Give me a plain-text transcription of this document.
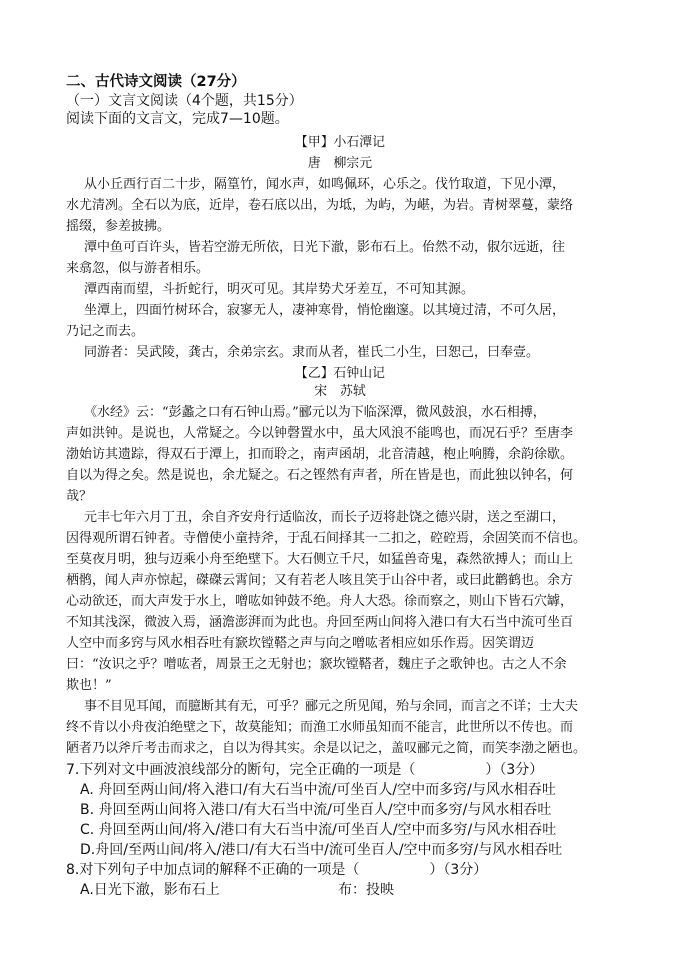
二、古代诗文阅读（27分）
（一）文言文阅读（4个题，共15分）
阅读下面的文言文，完成7—10题。
【甲】小石潭记
唐　柳宗元
从小丘西行百二十步，隔篁竹，闻水声，如鸣佩环，心乐之。伐竹取道，下见小潭，
水尤清冽。全石以为底，近岸，卷石底以出，为坻，为屿，为嵁，为岩。青树翠蔓，蒙络
摇缀，参差披拂。
潭中鱼可百许头，皆若空游无所依，日光下澈，影布石上。佁然不动，俶尔远逝，往
来翕忽，似与游者相乐。
潭西南而望，斗折蛇行，明灭可见。其岸势犬牙差互，不可知其源。
坐潭上，四面竹树环合，寂寥无人，凄神寒骨，悄怆幽邃。以其境过清，不可久居，
乃记之而去。
同游者：吴武陵，龚古，余弟宗玄。隶而从者，崔氏二小生，曰恕己，曰奉壹。
【乙】石钟山记
宋　苏轼
《水经》云：“彭蠡之口有石钟山焉。”郦元以为下临深潭，微风鼓浪，水石相搏，
声如洪钟。是说也，人常疑之。今以钟磬置水中，虽大风浪不能鸣也，而况石乎？至唐李
渤始访其遗踪，得双石于潭上，扣而聆之，南声函胡，北音清越，枹止响腾，余韵徐歇。
自以为得之矣。然是说也，余尤疑之。石之铿然有声者，所在皆是也，而此独以钟名，何
哉？
元丰七年六月丁丑，余自齐安舟行适临汝，而长子迈将赴饶之德兴尉，送之至湖口，
因得观所谓石钟者。寺僧使小童持斧，于乱石间择其一二扣之，硿硿焉，余固笑而不信也。
至莫夜月明，独与迈乘小舟至绝壁下。大石侧立千尺，如猛兽奇鬼，森然欲搏人；而山上
栖鹘，闻人声亦惊起，磔磔云霄间；又有若老人咳且笑于山谷中者，或曰此鹳鹤也。余方
心动欲还，而大声发于水上，噌吰如钟鼓不绝。舟人大恐。徐而察之，则山下皆石穴罅，
不知其浅深，微波入焉，涵澹澎湃而为此也。舟回至两山间将入港口有大石当中流可坐百
人空中而多窍与风水相吞吐有窾坎镗鞳之声与向之噌吰者相应如乐作焉。因笑谓迈
曰：“汝识之乎？噌吰者，周景王之无射也；窾坎镗鞳者，魏庄子之歌钟也。古之人不余
欺也！”
事不目见耳闻，而臆断其有无，可乎？郦元之所见闻，殆与余同，而言之不详；士大夫
终不肯以小舟夜泊绝壁之下，故莫能知；而渔工水师虽知而不能言，此世所以不传也。而
陋者乃以斧斤考击而求之，自以为得其实。余是以记之，盖叹郦元之简，而笑李渤之陋也。
7.下列对文中画波浪线部分的断句，完全正确的一项是（　　　　　）（3分）
A. 舟回至两山间/将入港口/有大石当中流/可坐百人/空中而多窍/与风水相吞吐
B. 舟回至两山间将入港口/有大石当中流/可坐百人/空中而多穷/与风水相吞吐
C. 舟回至两山间/将入/港口有大石当中流/可坐百人/空中而多穷/与风水相吞吐
D.舟回/至两山间/将入/港口/有大石当中/流可坐百人/空中而多穷/与风水相吞吐
8.对下列句子中加点词的解释不正确的一项是（　　　　　）（3分）
A.日光下澈，影布石上	布：投映
